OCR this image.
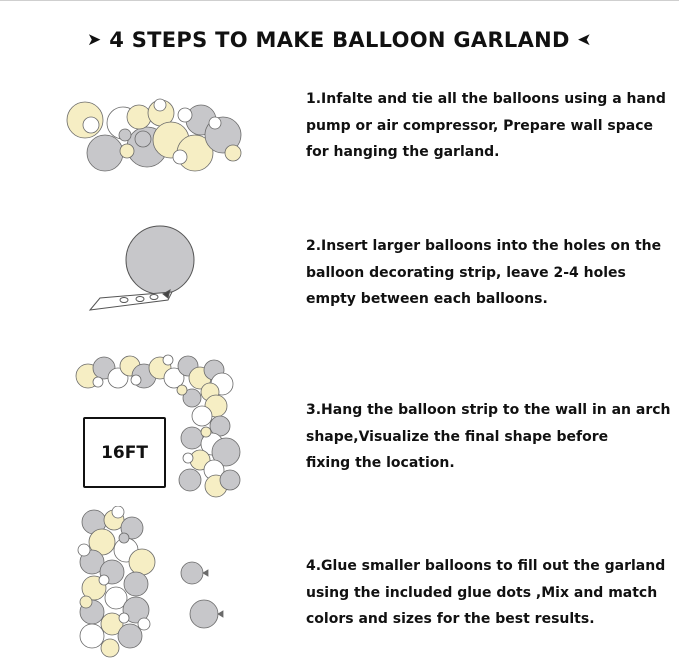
➤ 4 STEPS TO MAKE BALLOON GARLAND ➤
1.Infalte and tie all the balloons using a hand
pump or air compressor, Prepare wall space
for hanging the garland.
2.Insert larger balloons into the holes on the
balloon decorating strip, leave 2-4 holes
empty between each balloons.
16FT
3.Hang the balloon strip to the wall in an arch
shape,Visualize the final shape before
fixing the location.
4.Glue smaller balloons to fill out the garland
using the included glue dots ,Mix and match
colors and sizes for the best results.
